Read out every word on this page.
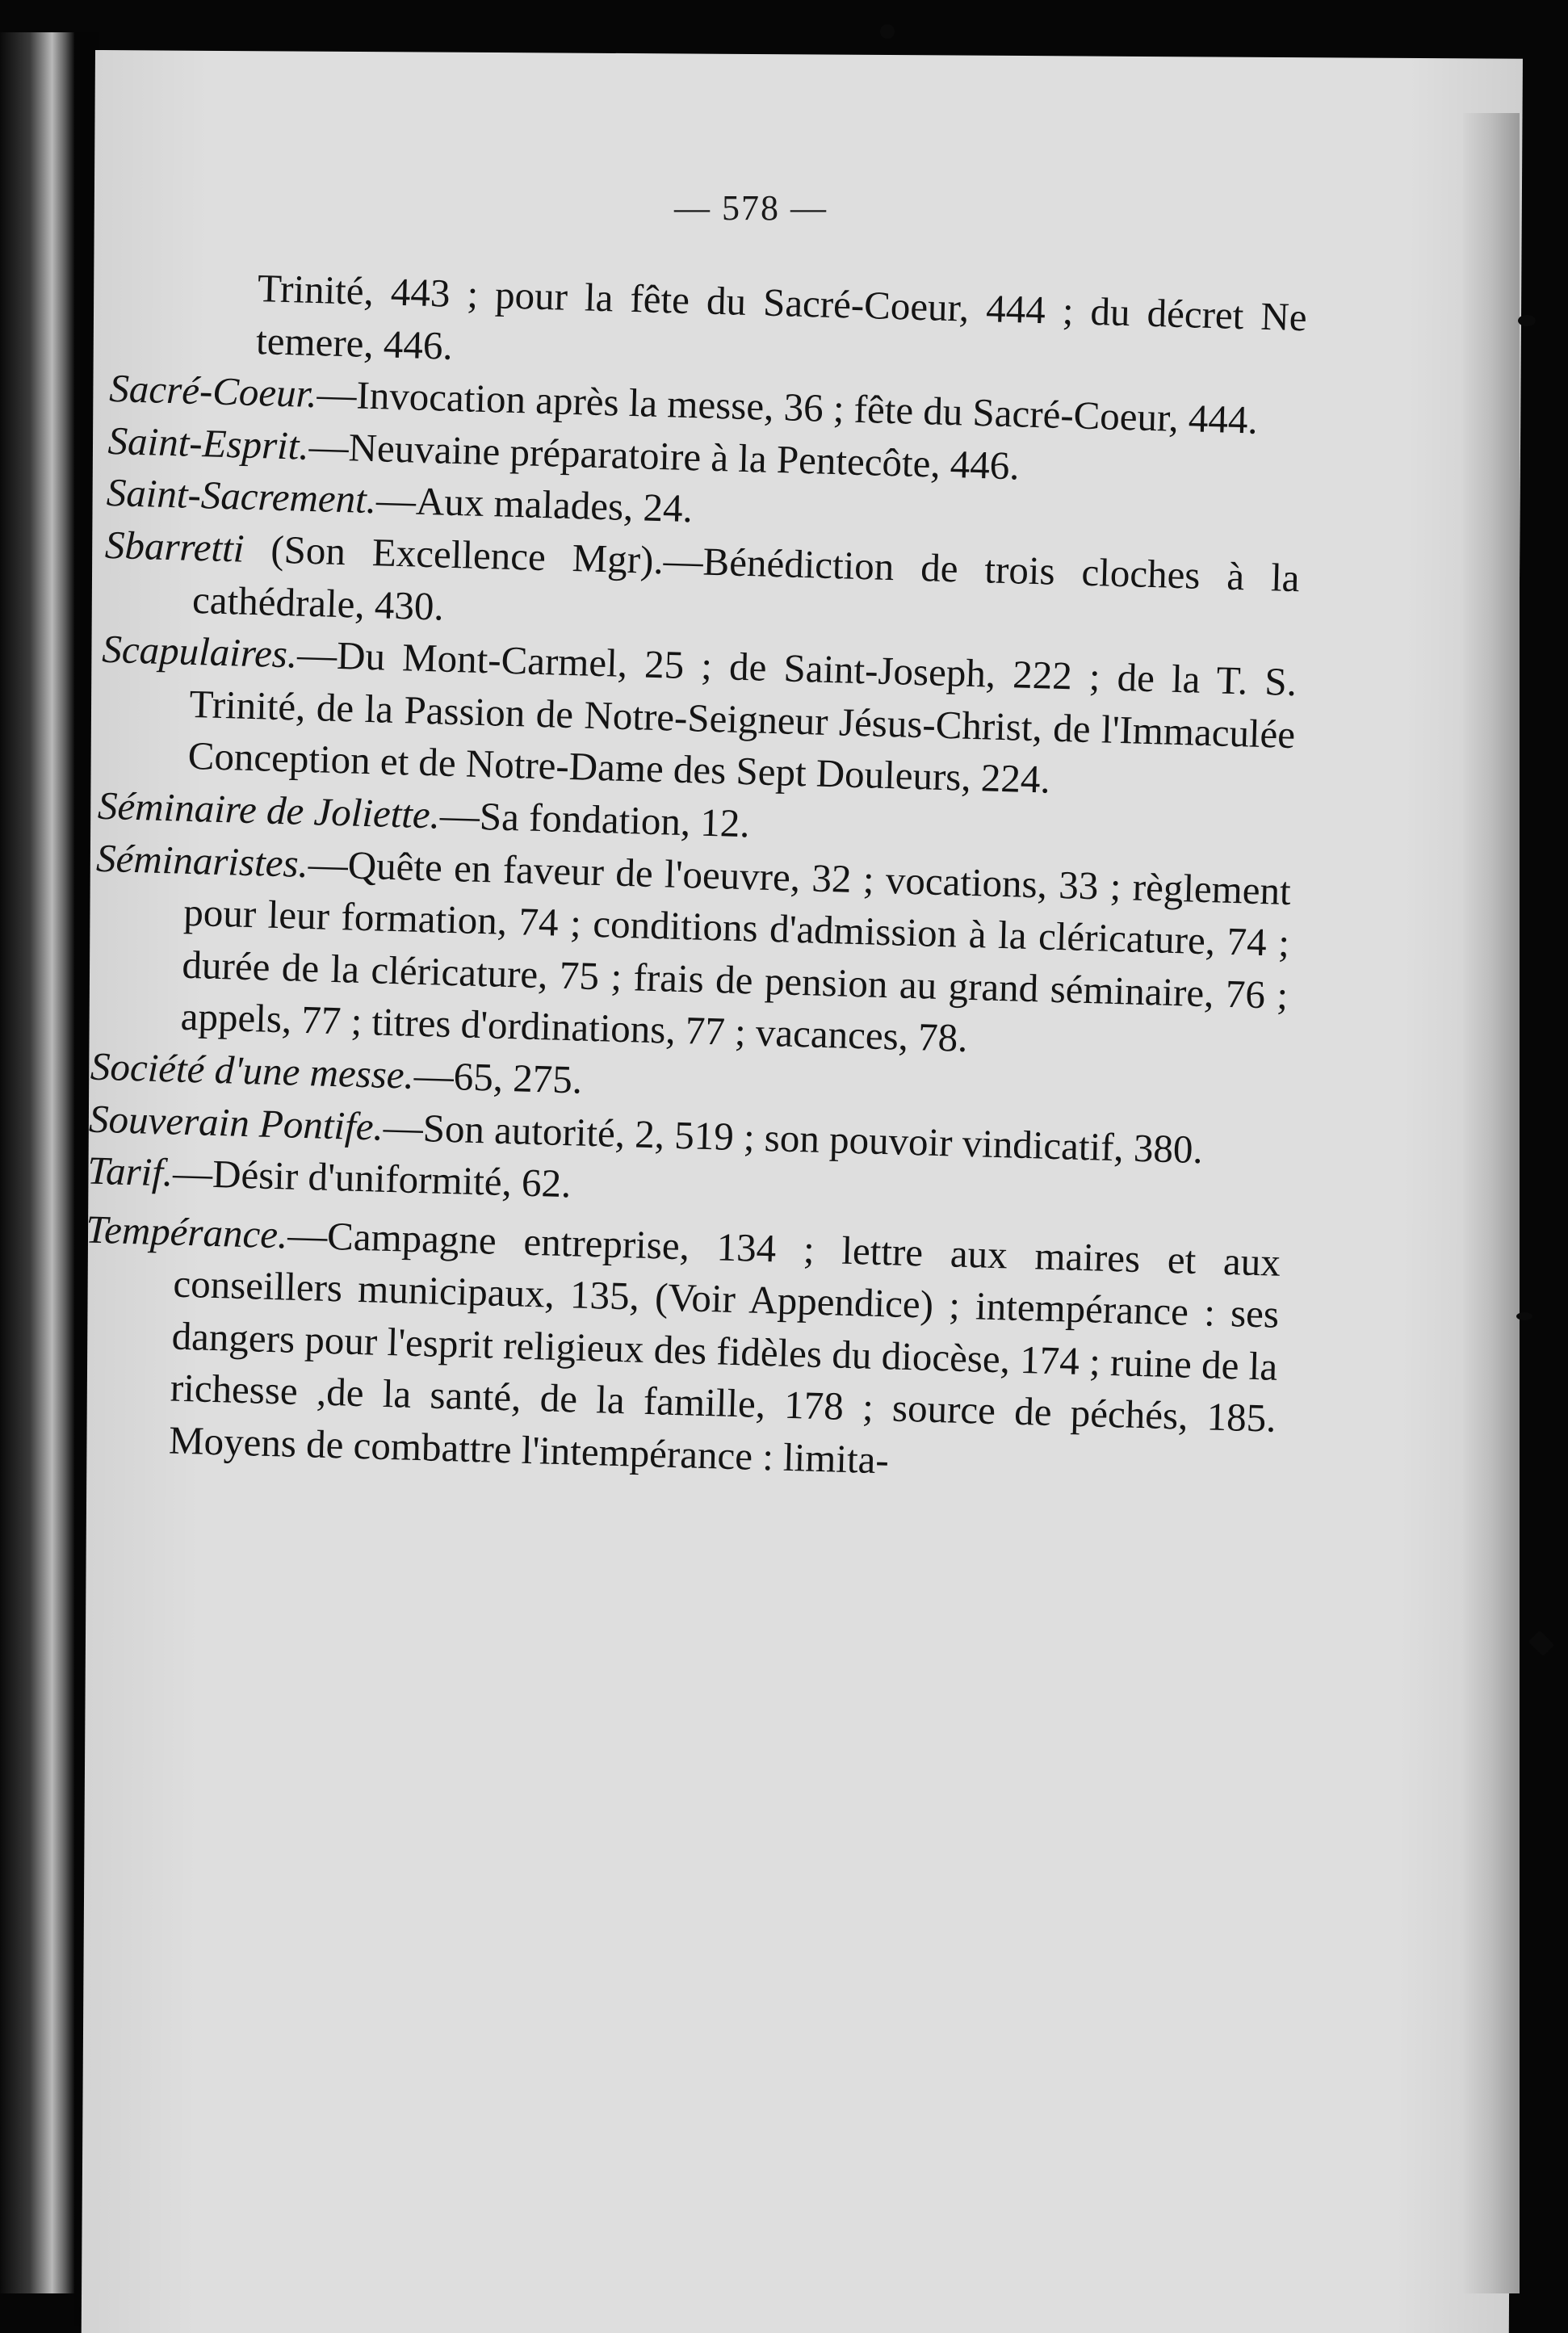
— 578 —

Trinité, 443 ; pour la fête du Sacré-Coeur, 444 ; du décret Ne temere, 446.

Sacré-Coeur.—Invocation après la messe, 36 ; fête du Sacré-Coeur, 444.

Saint-Esprit.—Neuvaine préparatoire à la Pentecôte, 446.

Saint-Sacrement.—Aux malades, 24.

Sbarretti (Son Excellence Mgr).—Bénédiction de trois cloches à la cathédrale, 430.

Scapulaires.—Du Mont-Carmel, 25 ; de Saint-Joseph, 222 ; de la T. S. Trinité, de la Passion de Notre-Seigneur Jésus-Christ, de l'Immaculée Conception et de Notre-Dame des Sept Douleurs, 224.

Séminaire de Joliette.—Sa fondation, 12.

Séminaristes.—Quête en faveur de l'oeuvre, 32 ; vocations, 33 ; règlement pour leur formation, 74 ; conditions d'admission à la cléricature, 74 ; durée de la cléricature, 75 ; frais de pension au grand séminaire, 76 ; appels, 77 ; titres d'ordinations, 77 ; vacances, 78.

Société d'une messe.—65, 275.

Souverain Pontife.—Son autorité, 2, 519 ; son pouvoir vindicatif, 380.

Tarif.—Désir d'uniformité, 62.

Tempérance.—Campagne entreprise, 134 ; lettre aux maires et aux conseillers municipaux, 135, (Voir Appendice) ; intempérance : ses dangers pour l'esprit religieux des fidèles du diocèse, 174 ; ruine de la richesse ,de la santé, de la famille, 178 ; source de péchés, 185. Moyens de combattre l'intempérance : limita-
